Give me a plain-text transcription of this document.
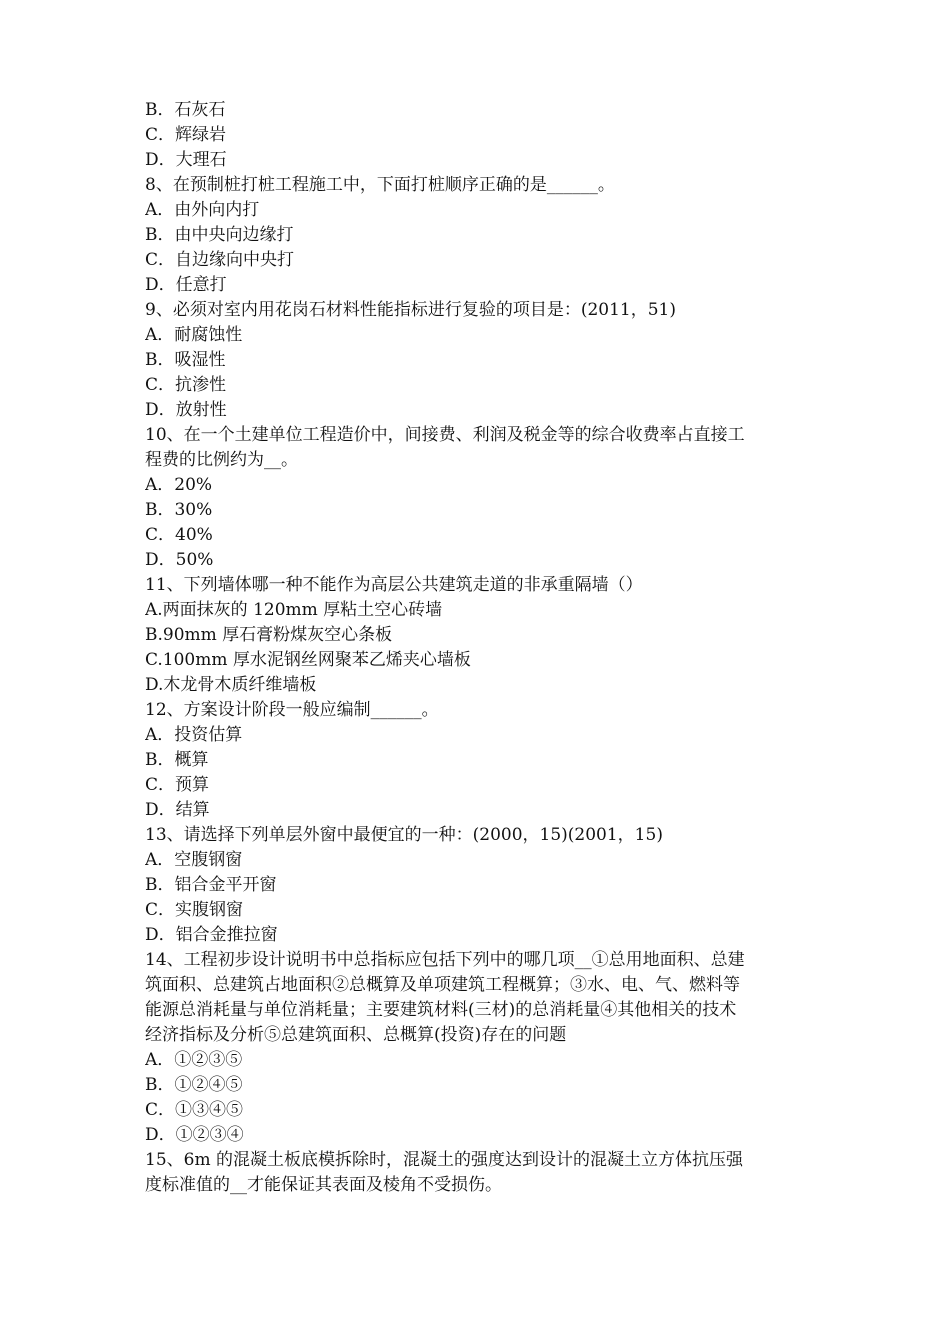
B．石灰石
C．辉绿岩
D．大理石
8、在预制桩打桩工程施工中，下面打桩顺序正确的是______。
A．由外向内打
B．由中央向边缘打
C．自边缘向中央打
D．任意打
9、必须对室内用花岗石材料性能指标进行复验的项目是：(2011，51)
A．耐腐蚀性
B．吸湿性
C．抗渗性
D．放射性
10、在一个土建单位工程造价中，间接费、利润及税金等的综合收费率占直接工
程费的比例约为__。
A．20%
B．30%
C．40%
D．50%
11、下列墙体哪一种不能作为高层公共建筑走道的非承重隔墙（）
A.两面抹灰的 120mm 厚粘土空心砖墙
B.90mm 厚石膏粉煤灰空心条板
C.100mm 厚水泥钢丝网聚苯乙烯夹心墙板
D.木龙骨木质纤维墙板
12、方案设计阶段一般应编制______。
A．投资估算
B．概算
C．预算
D．结算
13、请选择下列单层外窗中最便宜的一种：(2000，15)(2001，15)
A．空腹钢窗
B．铝合金平开窗
C．实腹钢窗
D．铝合金推拉窗
14、工程初步设计说明书中总指标应包括下列中的哪几项__①总用地面积、总建
筑面积、总建筑占地面积②总概算及单项建筑工程概算；③水、电、气、燃料等
能源总消耗量与单位消耗量；主要建筑材料(三材)的总消耗量④其他相关的技术
经济指标及分析⑤总建筑面积、总概算(投资)存在的问题
A．①②③⑤
B．①②④⑤
C．①③④⑤
D．①②③④
15、6m 的混凝土板底模拆除时，混凝土的强度达到设计的混凝土立方体抗压强
度标准值的__才能保证其表面及棱角不受损伤。
